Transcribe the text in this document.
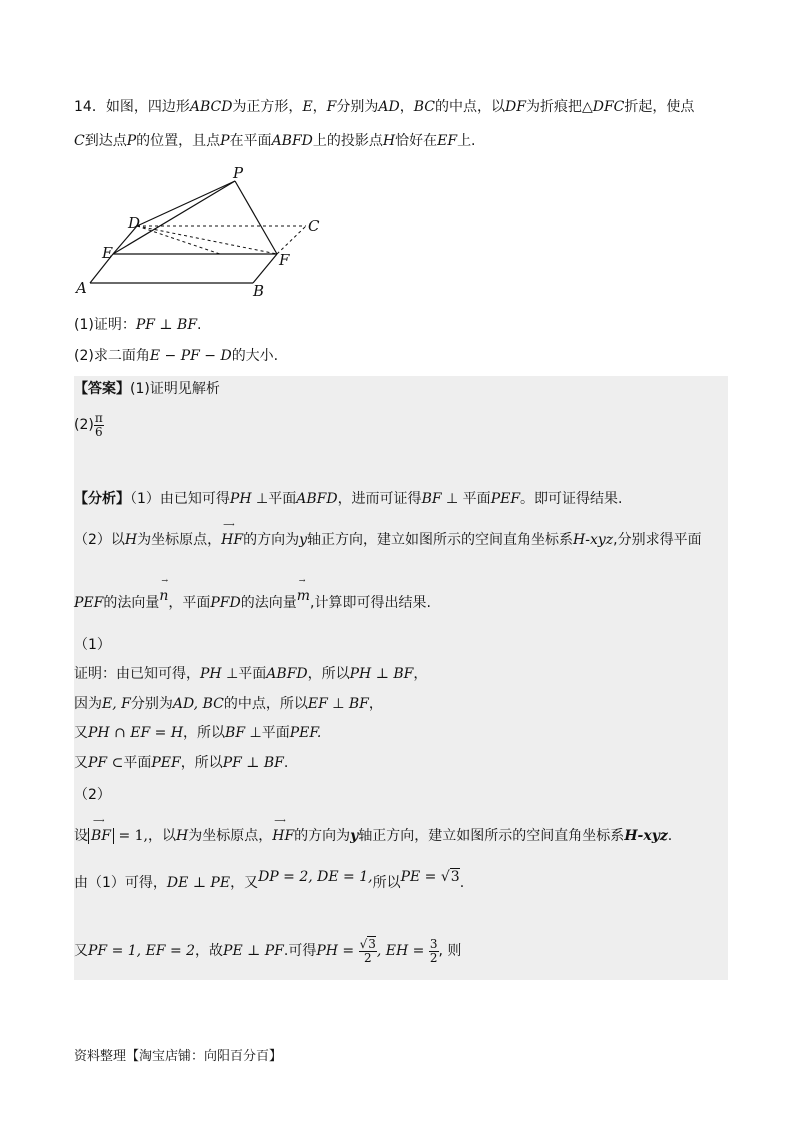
14．如图，四边形ABCD为正方形，E，F分别为AD，BC的中点，以DF为折痕把△DFC折起，使点
C到达点P的位置，且点P在平面ABFD上的投影点H恰好在EF上.
P
D	C
E	F
A	B
(1)证明：PF ⊥ BF.
(2)求二面角E − PF − D的大小.
【答案】(1)证明见解析
$(2) \frac{\pi}{6}$
【分析】（1）由已知可得PH ⊥平面ABFD，进而可证得BF ⊥ 平面PEF。即可证得结果.
（2）以H为坐标原点，
⟶
HF的方向为y轴正方向，建立如图所示的空间直角坐标系H-xyz,分别求得平面
PEF的法向量
→
n，平面PFD的法向量
→
m,计算即可得出结果.
（1）
证明：由已知可得，PH ⊥平面ABFD，所以PH ⊥ BF，
因为E, F分别为AD, BC的中点，所以EF ⊥ BF，
又PH ∩ EF = H，所以BF ⊥平面PEF.
又PF ⊂平面PEF，所以PF ⊥ BF.
（2）
设
⟶
BF = 1,，以H为坐标原点，
⟶
HF的方向为y轴正方向，建立如图所示的空间直角坐标系H-xyz.
由（1）可得，DE ⊥ PE，又DP = 2, DE = 1,所以PE = √3.
又PF = 1, EF = 2，故PE ⊥ PF.可得PH = $\frac{√3}{2}$ , EH = $\frac{3}{2}$ , 则
资料整理【淘宝店铺：向阳百分百】
